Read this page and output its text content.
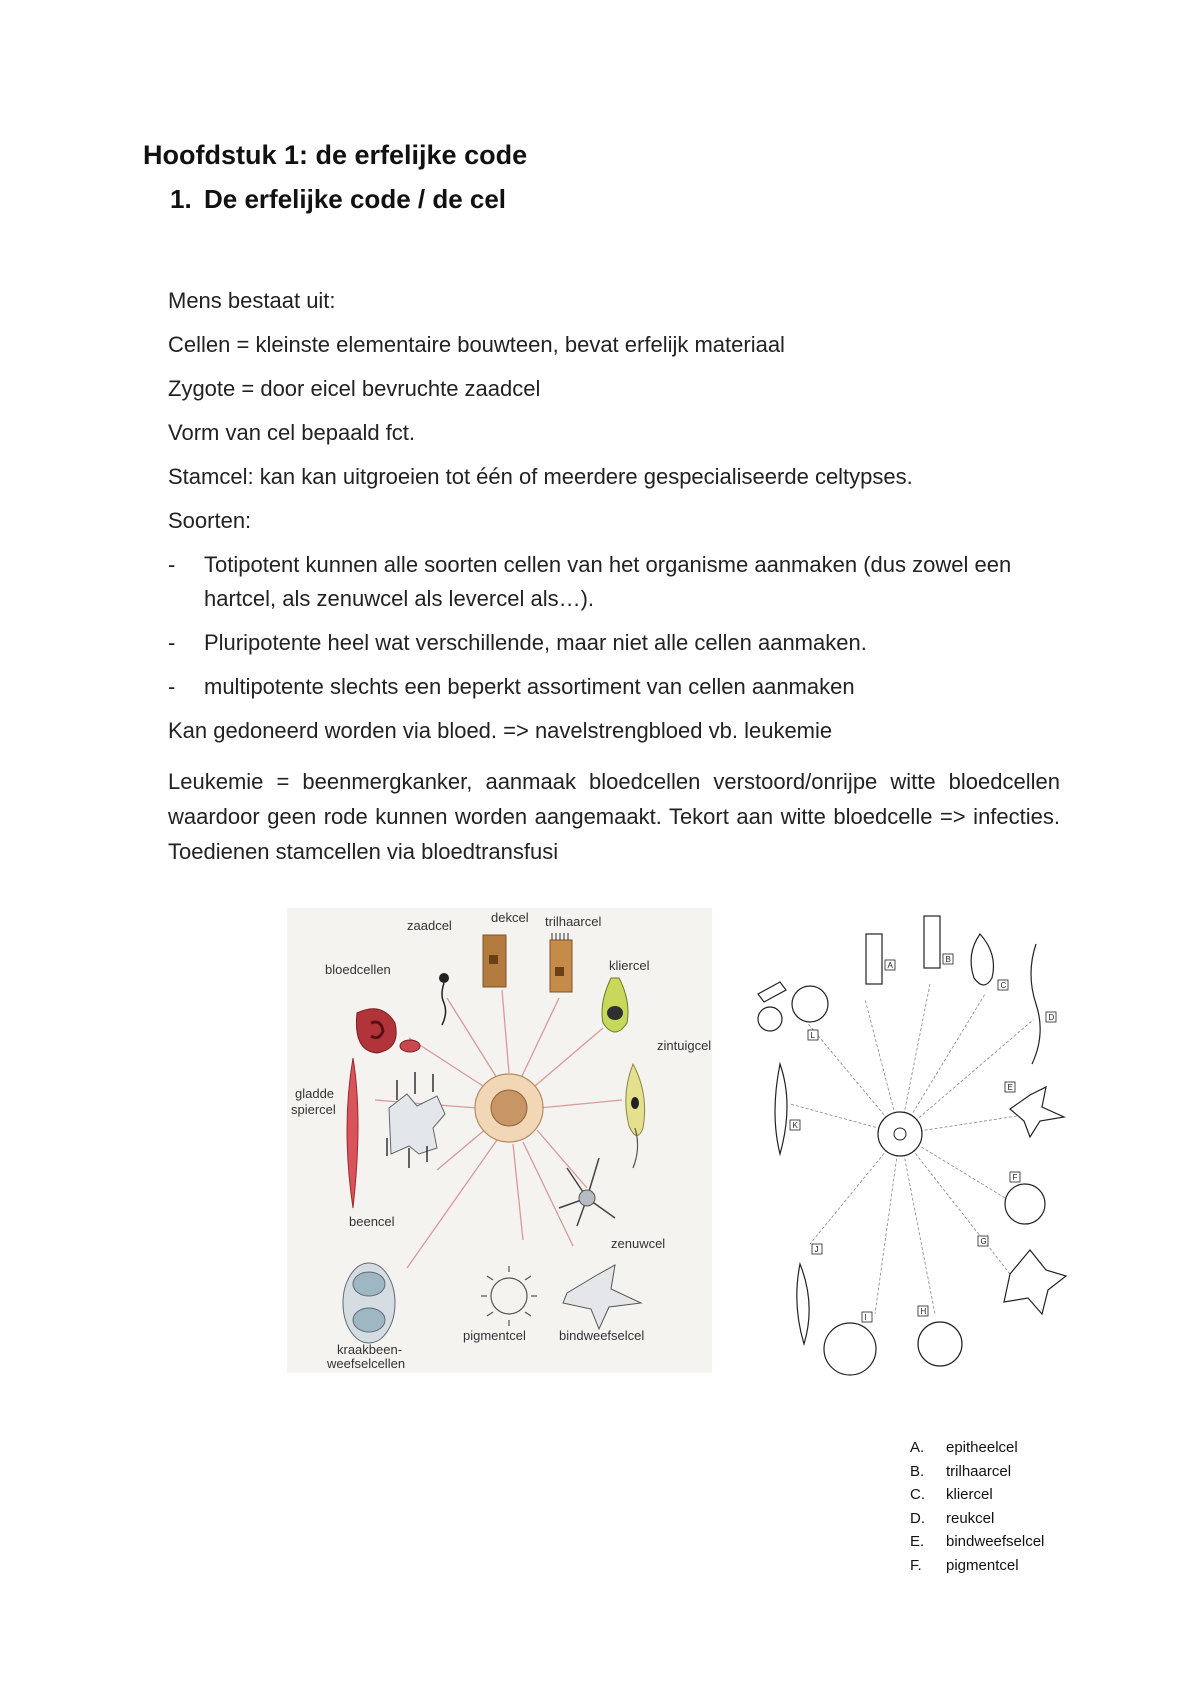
Hoofdstuk 1: de erfelijke code
1. De erfelijke code / de cel
Mens bestaat uit:
Cellen = kleinste elementaire bouwteen, bevat erfelijk materiaal
Zygote = door eicel bevruchte zaadcel
Vorm van cel bepaald fct.
Stamcel: kan kan uitgroeien tot één of meerdere gespecialiseerde celtypses.
Soorten:
- Totipotent kunnen alle soorten cellen van het organisme aanmaken (dus zowel een hartcel, als zenuwcel als levercel als…).
- Pluripotente heel wat verschillende, maar niet alle cellen aanmaken.
- multipotente slechts een beperkt assortiment van cellen aanmaken
Kan gedoneerd worden via bloed. => navelstrengbloed vb. leukemie
Leukemie = beenmergkanker, aanmaak bloedcellen verstoord/onrijpe witte bloedcellen waardoor geen rode kunnen worden aangemaakt. Tekort aan witte bloedcelle => infecties. Toedienen stamcellen via bloedtransfusi
zaadcel
dekcel trilhaarcel
bloedcellen	kliercel
zintuigcel
gladde
spiercel
beencel
zenuwcel
kraakbeen-
weefselcellen
pigmentcel	bindweefselcel
A
B
C
D
E
F
G
H
I
J
K
L
A. epitheelcel
B. trilhaarcel
C. kliercel
D. reukcel
E. bindweefselcel
F. pigmentcel
